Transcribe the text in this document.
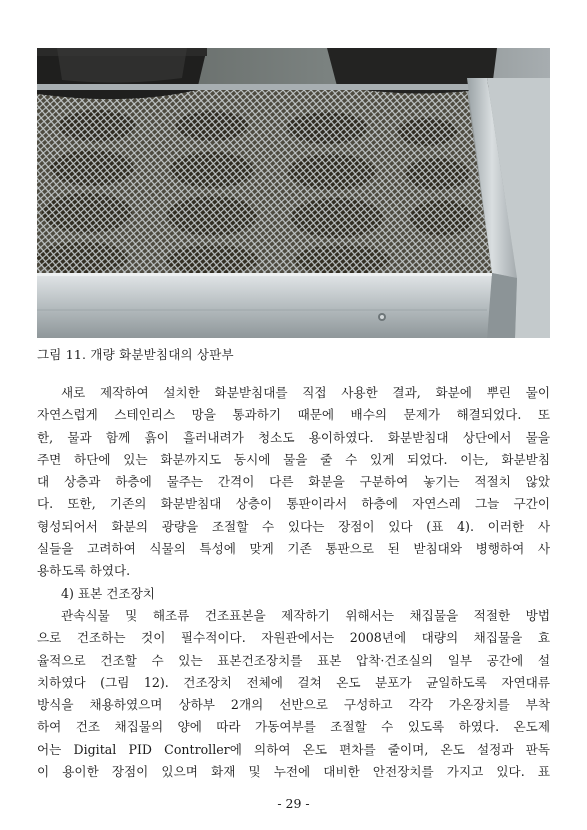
그림 11. 개량 화분받침대의 상판부

새로 제작하여 설치한 화분받침대를 직접 사용한 결과, 화분에 뿌린 물이
자연스럽게 스테인리스 망을 통과하기 때문에 배수의 문제가 해결되었다. 또
한, 물과 함께 흙이 흘러내려가 청소도 용이하였다. 화분받침대 상단에서 물을
주면 하단에 있는 화분까지도 동시에 물을 줄 수 있게 되었다. 이는, 화분받침
대 상층과 하층에 물주는 간격이 다른 화분을 구분하여 놓기는 적절치 않았
다. 또한, 기존의 화분받침대 상층이 통판이라서 하층에 자연스레 그늘 구간이
형성되어서 화분의 광량을 조절할 수 있다는 장점이 있다 (표 4). 이러한 사
실들을 고려하여 식물의 특성에 맞게 기존 통판으로 된 받침대와 병행하여 사
용하도록 하였다.

4) 표본 건조장치

관속식물 및 해조류 건조표본을 제작하기 위해서는 채집물을 적절한 방법
으로 건조하는 것이 필수적이다. 자원관에서는 2008년에 대량의 채집물을 효
율적으로 건조할 수 있는 표본건조장치를 표본 압착·건조실의 일부 공간에 설
치하였다 (그림 12). 건조장치 전체에 걸쳐 온도 분포가 균일하도록 자연대류
방식을 채용하였으며 상하부 2개의 선반으로 구성하고 각각 가온장치를 부착
하여 건조 채집물의 양에 따라 가동여부를 조절할 수 있도록 하였다. 온도제
어는 Digital PID Controller에 의하여 온도 편차를 줄이며, 온도 설정과 판독
이 용이한 장점이 있으며 화재 및 누전에 대비한 안전장치를 가지고 있다. 표

- 29 -
